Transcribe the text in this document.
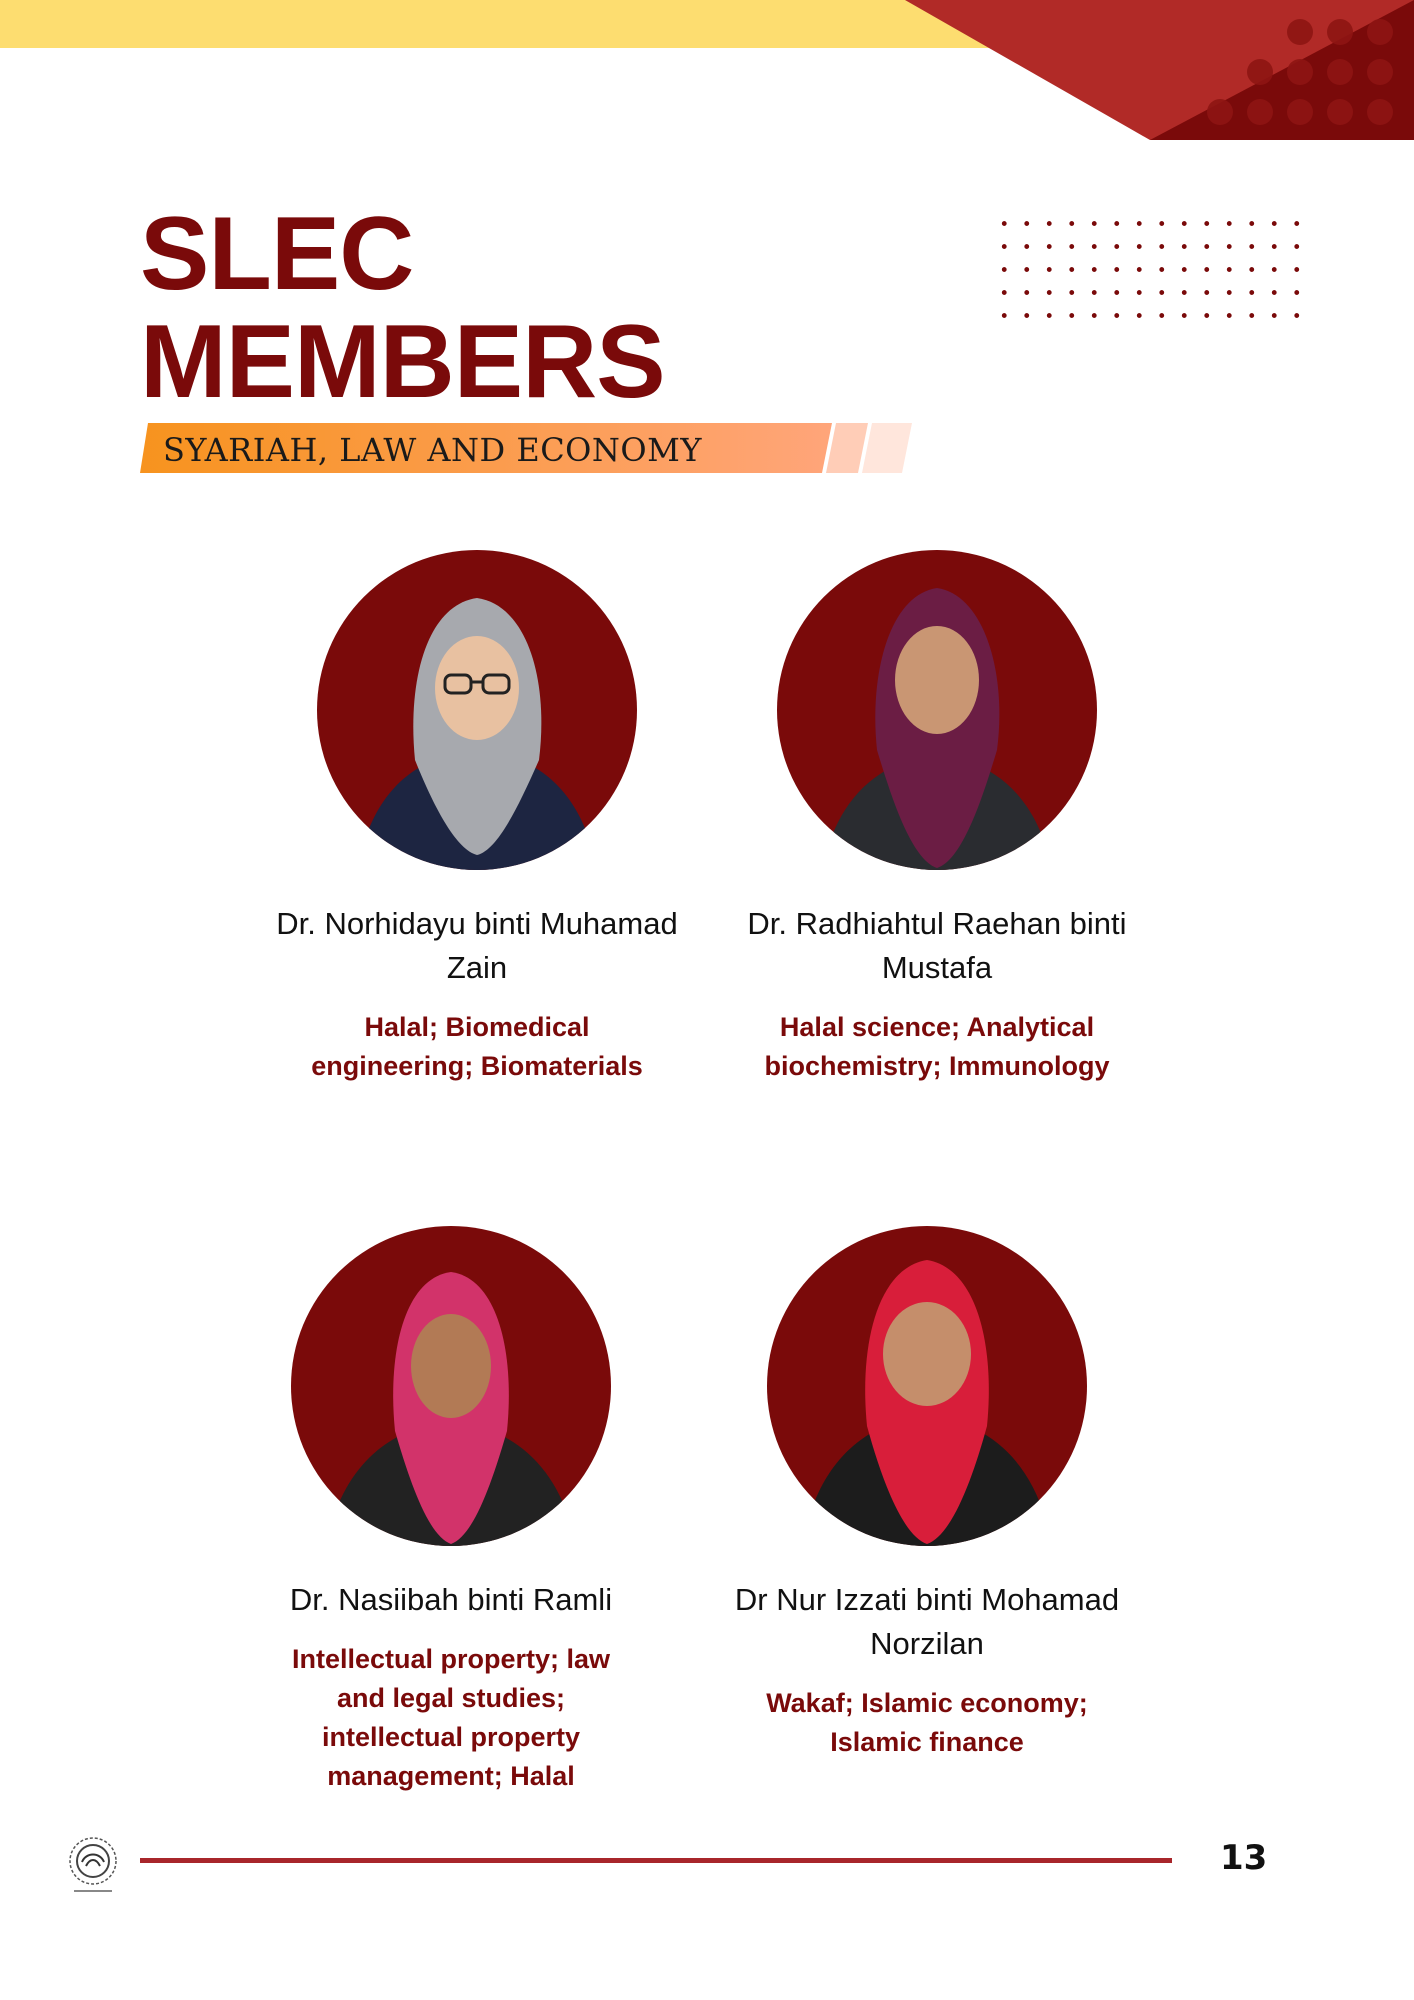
SLEC
MEMBERS
SYARIAH, LAW AND ECONOMY
Dr. Norhidayu binti Muhamad Zain
Halal; Biomedical engineering; Biomaterials
Dr. Radhiahtul Raehan binti Mustafa
Halal science; Analytical biochemistry; Immunology
Dr. Nasiibah binti Ramli
Intellectual property; law and legal studies; intellectual property management; Halal
Dr Nur Izzati binti Mohamad Norzilan
Wakaf; Islamic economy; Islamic finance
13
